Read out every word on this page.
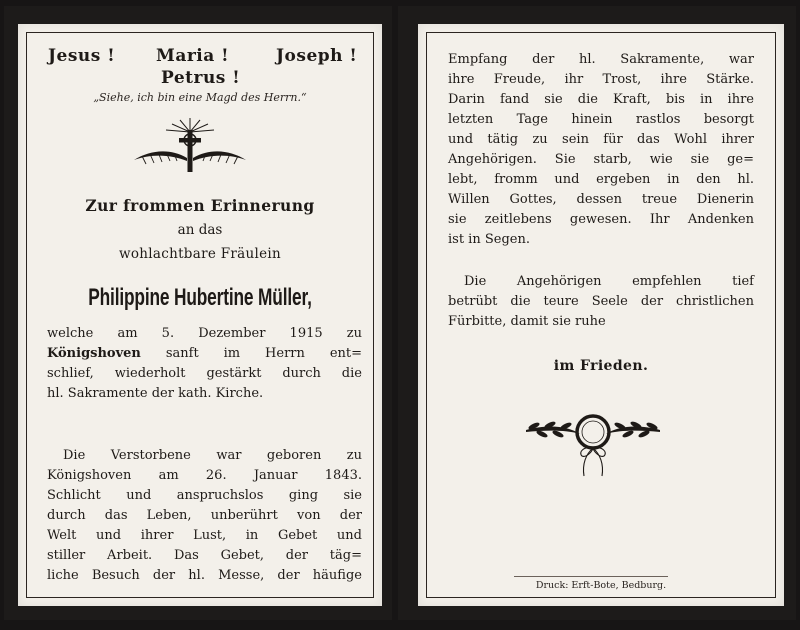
Jesus ! Maria !	Joseph !
Petrus !
„Siehe, ich bin eine Magd des Herrn.“
Zur frommen Erinnerung
an das
wohlachtbare Fräulein
Philippine Hubertine Müller,
welche am 5. Dezember 1915 zu
Königshoven sanft im Herrn ent=
schlief, wiederholt gestärkt durch die
hl. Sakramente der kath. Kirche.
Die Verstorbene war geboren zu
Königshoven am 26. Januar 1843.
Schlicht und anspruchslos ging sie
durch das Leben, unberührt von der
Welt und ihrer Lust, in Gebet und
stiller Arbeit. Das Gebet, der täg=
liche Besuch der hl. Messe, der häufige
Empfang der hl. Sakramente, war
ihre Freude, ihr Trost, ihre Stärke.
Darin fand sie die Kraft, bis in ihre
letzten Tage hinein rastlos besorgt
und tätig zu sein für das Wohl ihrer
Angehörigen. Sie starb, wie sie ge=
lebt, fromm und ergeben in den hl.
Willen Gottes, dessen treue Dienerin
sie zeitlebens gewesen. Ihr Andenken
ist in Segen.
Die Angehörigen empfehlen tief
betrübt die teure Seele der christlichen
Fürbitte, damit sie ruhe
im Frieden.
Druck: Erft-Bote, Bedburg.
